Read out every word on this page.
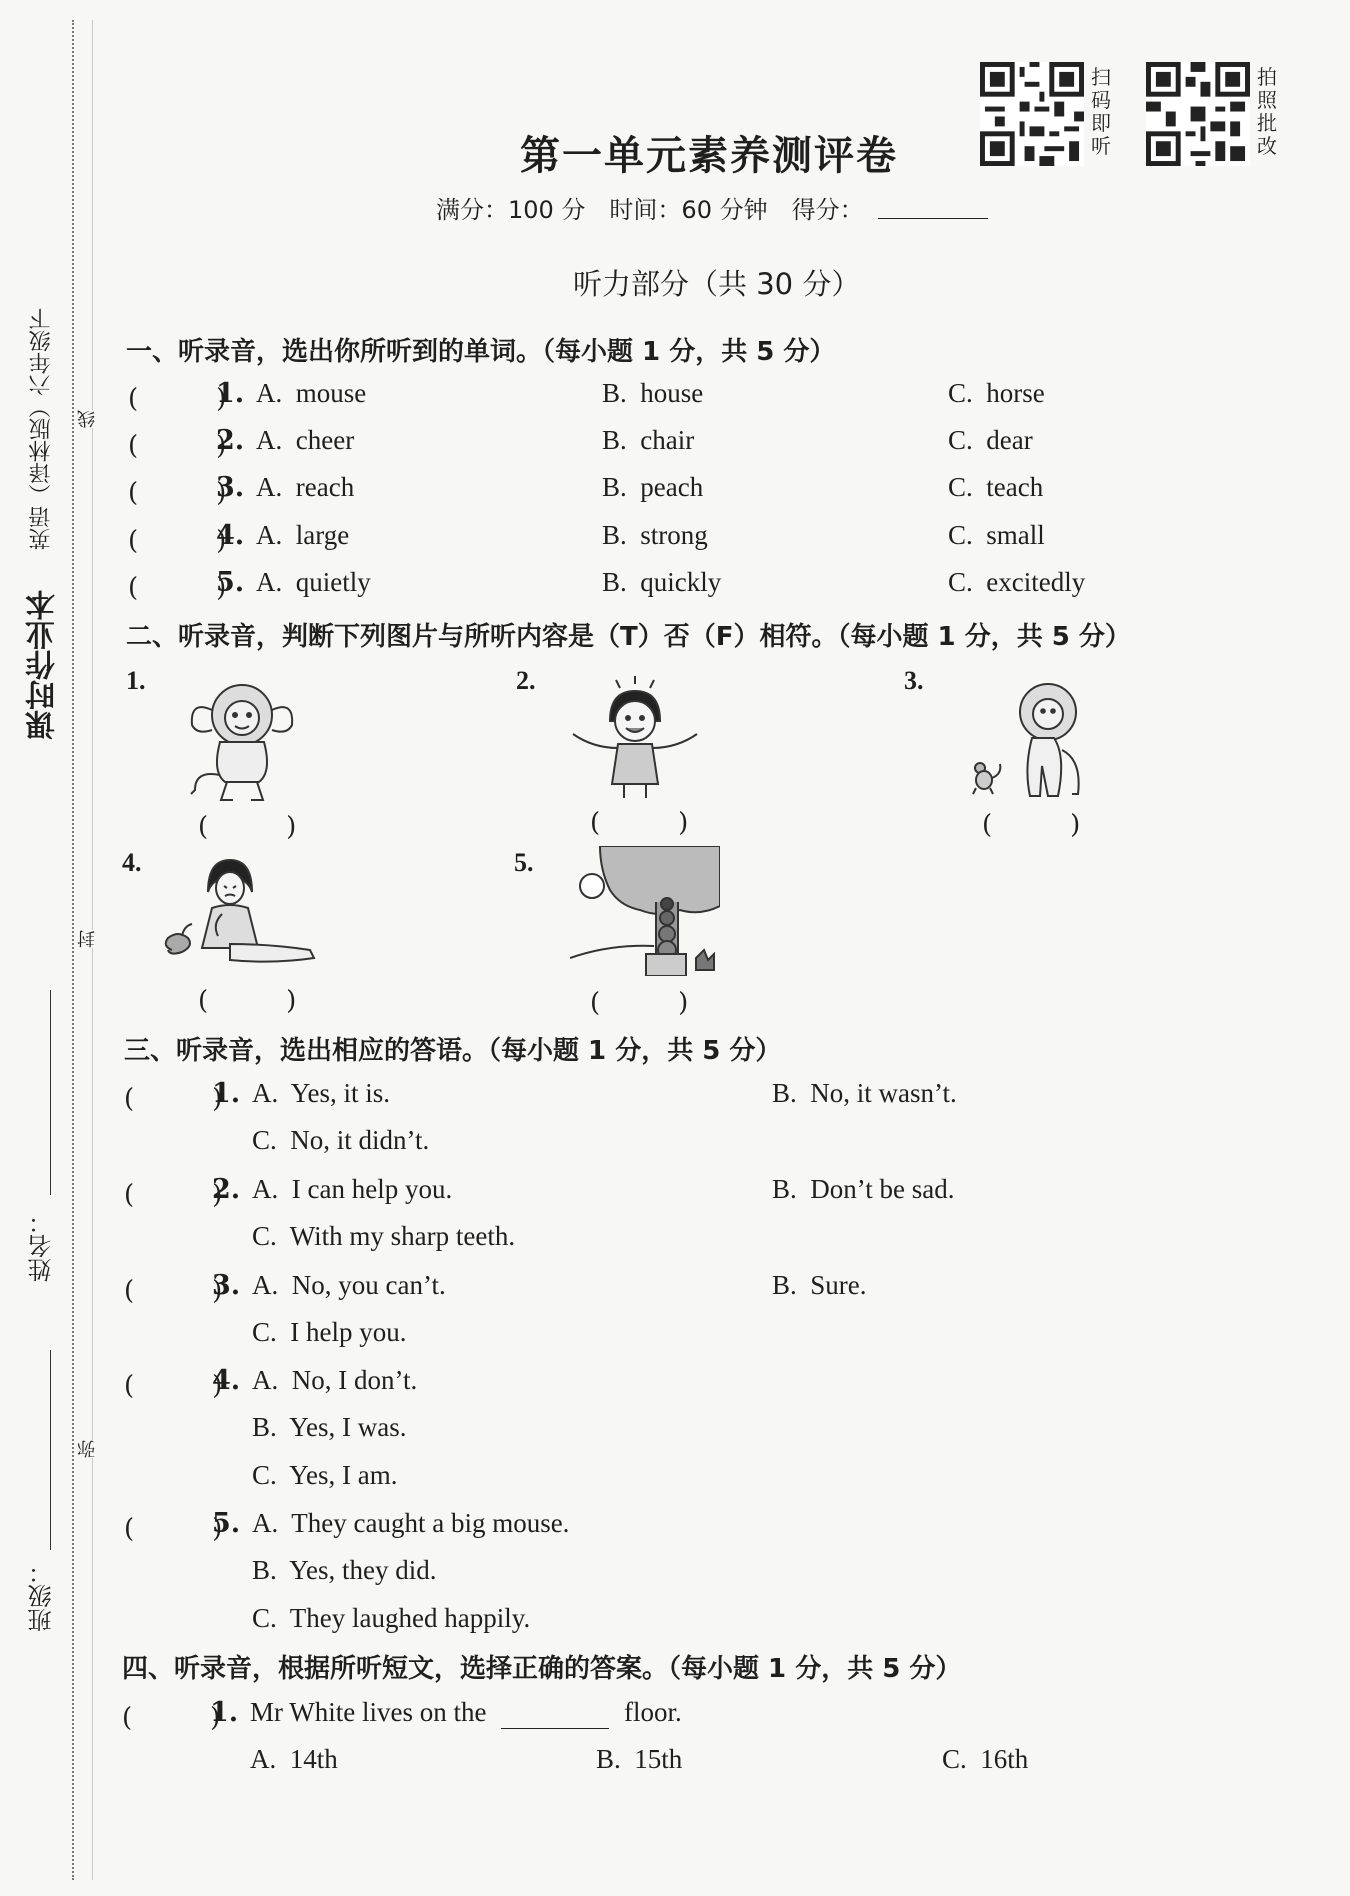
课时作业本
英语（译林版）六年级下 线
封
弥
姓名：
班级：
扫码即听
拍照批改
第一单元素养测评卷
满分：100 分　时间：60 分钟　得分：
听力部分（共 30 分）
一、听录音，选出你所听到的单词。（每小题 1 分，共 5 分）
(　　　)
1. A.  mouse	B.  house	C.  horse
(　　　)
2. A.  cheer	B.  chair	C.  dear
(　　　)
3. A.  reach	B.  peach	C.  teach
(　　　)
4. A.  large	B.  strong	C.  small
(　　　)
5. A.  quietly	B.  quickly	C.  excitedly
二、听录音，判断下列图片与所听内容是（T）否（F）相符。（每小题 1 分，共 5 分）
1.
(　　　)
2.
(　　　)
3.
(　　　)
4.
(　　　)
5.
(　　　)
三、听录音，选出相应的答语。（每小题 1 分，共 5 分）
(　　　)
1. A.  Yes, it is.	B.  No, it wasn’t.
C.  No, it didn’t.
(　　　)
2. A.  I can help you.	B.  Don’t be sad.
C.  With my sharp teeth.
(　　　)
3. A.  No, you can’t.	B.  Sure.
C.  I help you.
(　　　)
4. A.  No, I don’t.
B.  Yes, I was.
C.  Yes, I am.
(　　　)
5. A.  They caught a big mouse.
B.  Yes, they did.
C.  They laughed happily.
四、听录音，根据所听短文，选择正确的答案。（每小题 1 分，共 5 分）
(　　　)
1. Mr White lives on the	floor.
A.  14th	B.  15th	C.  16th
